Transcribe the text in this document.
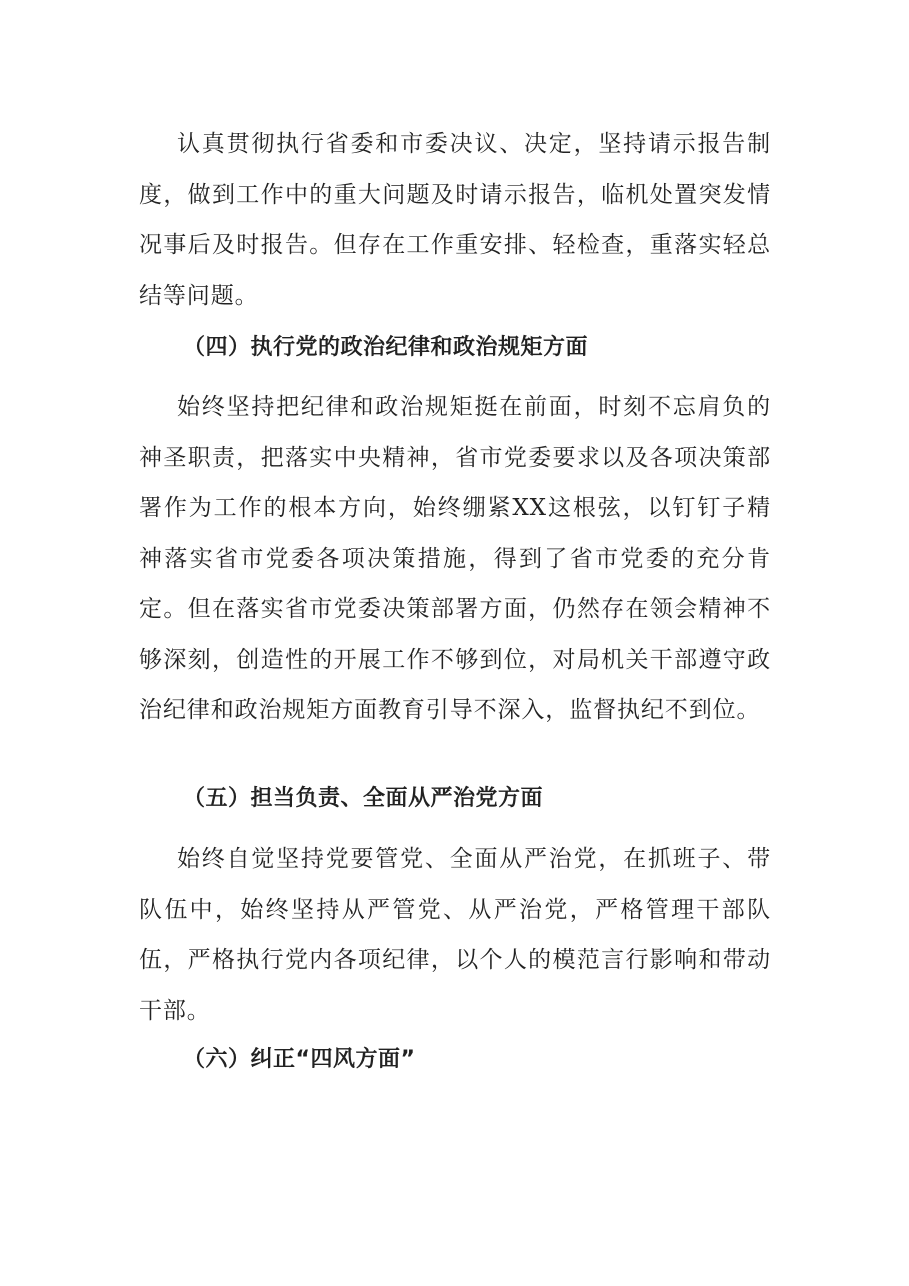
认真贯彻执行省委和市委决议、决定，坚持请示报告制度，做到工作中的重大问题及时请示报告，临机处置突发情况事后及时报告。但存在工作重安排、轻检查，重落实轻总结等问题。

（四）执行党的政治纪律和政治规矩方面

始终坚持把纪律和政治规矩挺在前面，时刻不忘肩负的神圣职责，把落实中央精神，省市党委要求以及各项决策部署作为工作的根本方向，始终绷紧XX这根弦，以钉钉子精神落实省市党委各项决策措施，得到了省市党委的充分肯定。但在落实省市党委决策部署方面，仍然存在领会精神不够深刻，创造性的开展工作不够到位，对局机关干部遵守政治纪律和政治规矩方面教育引导不深入，监督执纪不到位。

（五）担当负责、全面从严治党方面

始终自觉坚持党要管党、全面从严治党，在抓班子、带队伍中，始终坚持从严管党、从严治党，严格管理干部队伍，严格执行党内各项纪律，以个人的模范言行影响和带动干部。

（六）纠正“四风方面”
